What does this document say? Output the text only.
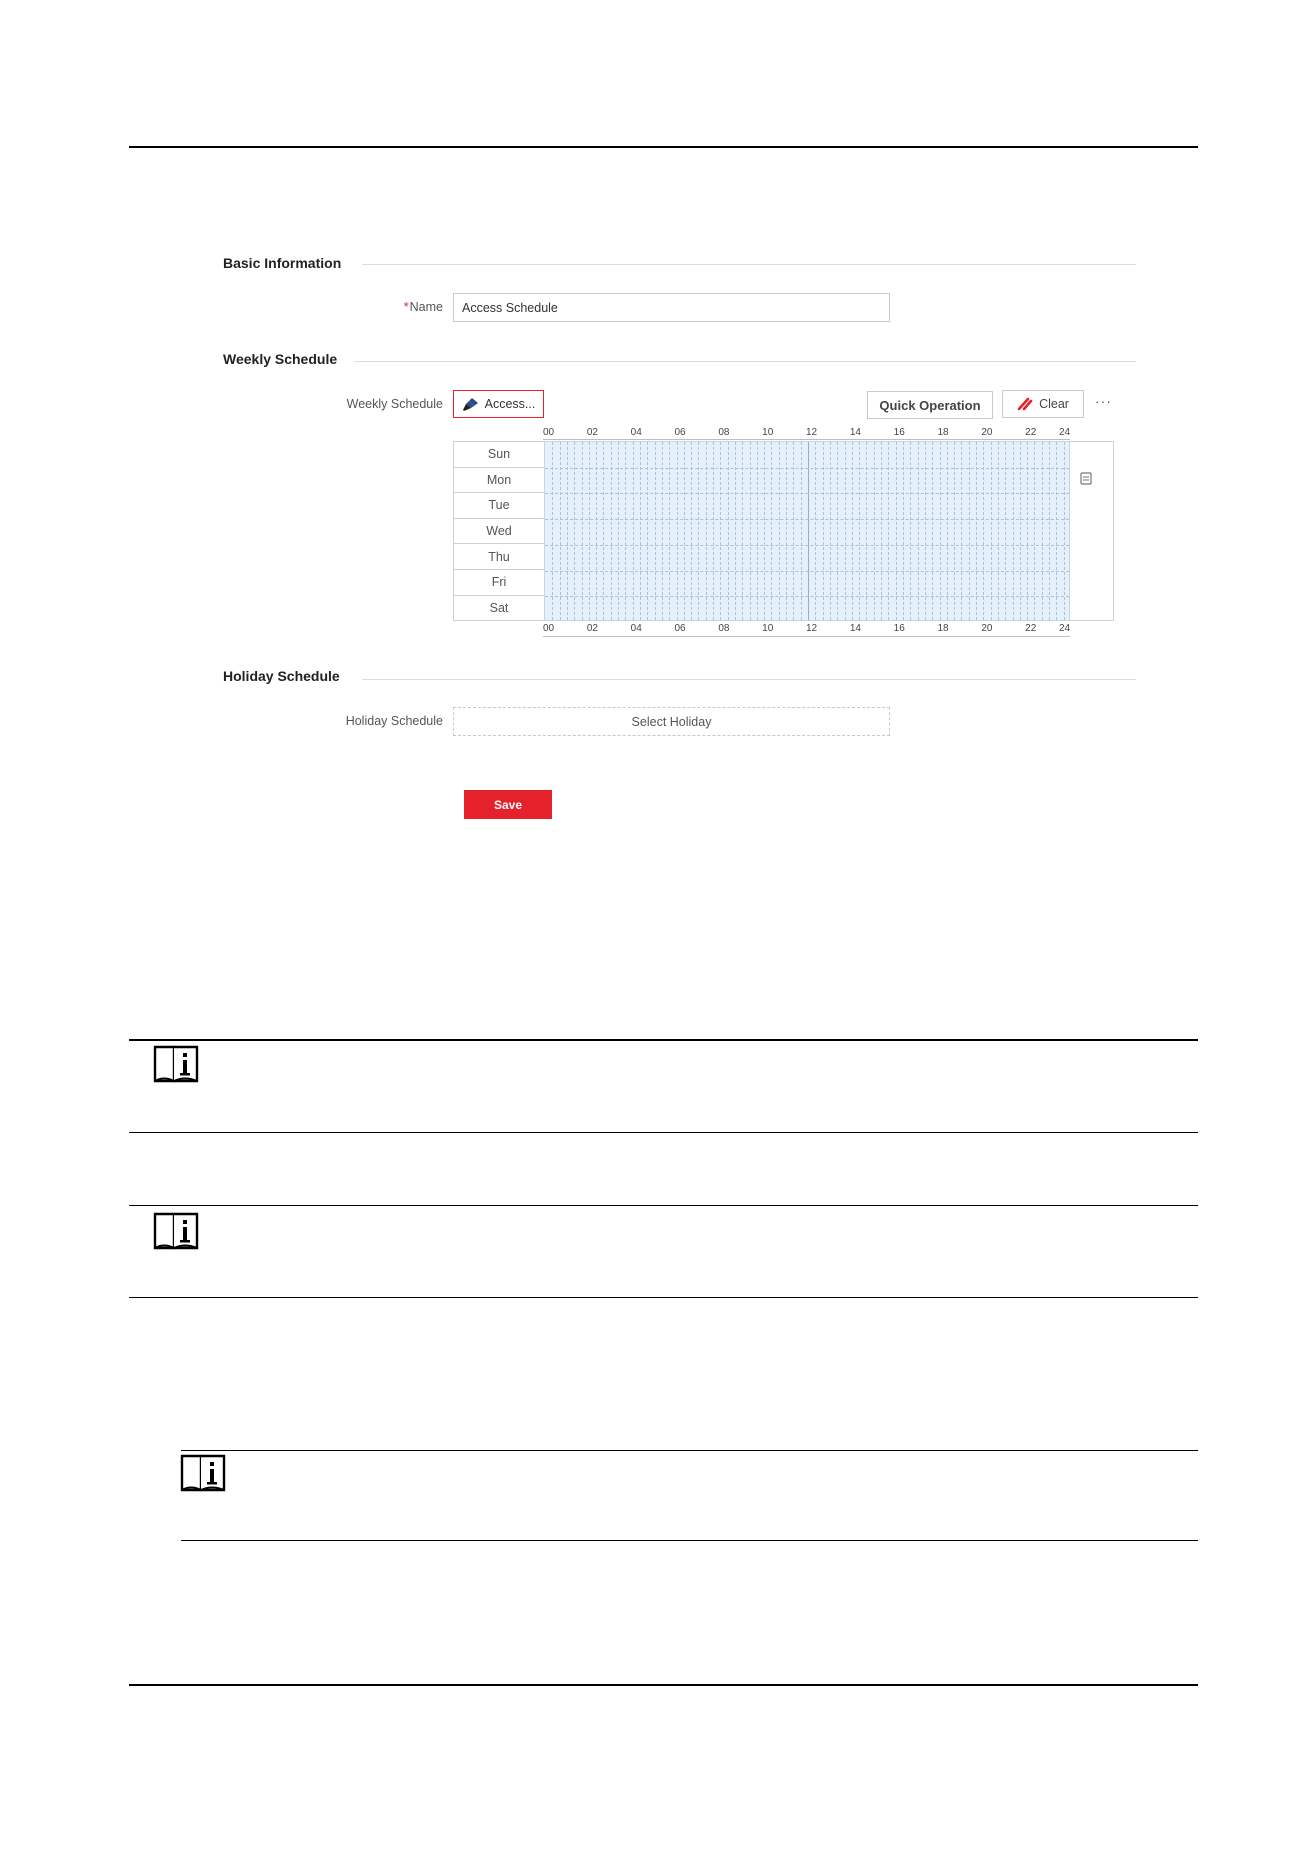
Basic Information
*Name
Access Schedule
Weekly Schedule
Weekly Schedule	Access...	Quick Operation	Clear ···
00	02	04	06	08	10	12	14	16	18	20	22 24
Sun
Mon
Tue
Wed
Thu
Fri
Sat
00	02	04	06	08	10	12	14	16	18	20	22 24
Holiday Schedule
Holiday Schedule	Select Holiday
Save
